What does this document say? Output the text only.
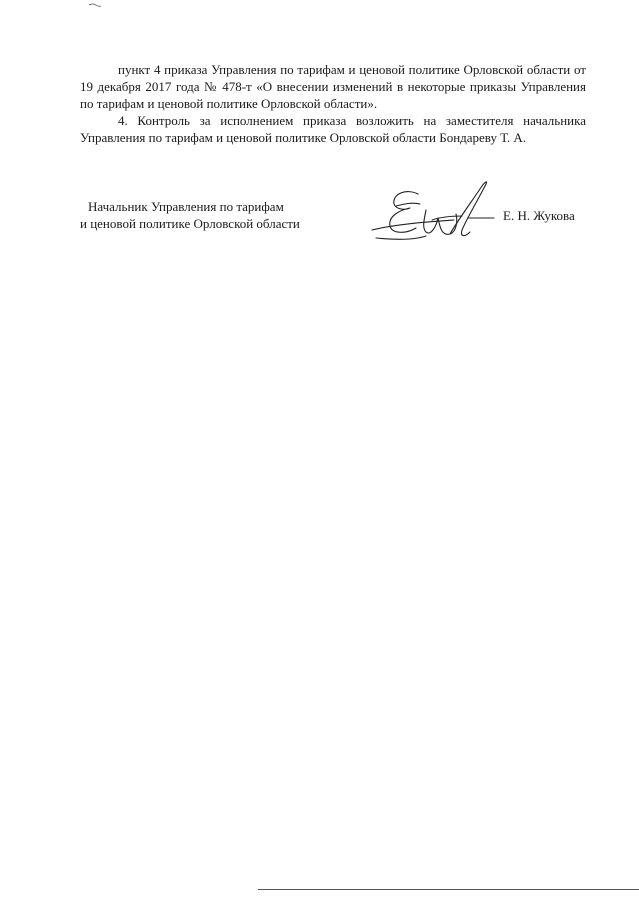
пункт 4 приказа Управления по тарифам и ценовой политике Орловской области от 19 декабря 2017 года № 478-т «О внесении изменений в некоторые приказы Управления по тарифам и ценовой политике Орловской области».

4. Контроль за исполнением приказа возложить на заместителя начальника Управления по тарифам и ценовой политике Орловской области Бондареву Т. А.

Начальник Управления по тарифам
и ценовой политике Орловской области
Е. Н. Жукова
